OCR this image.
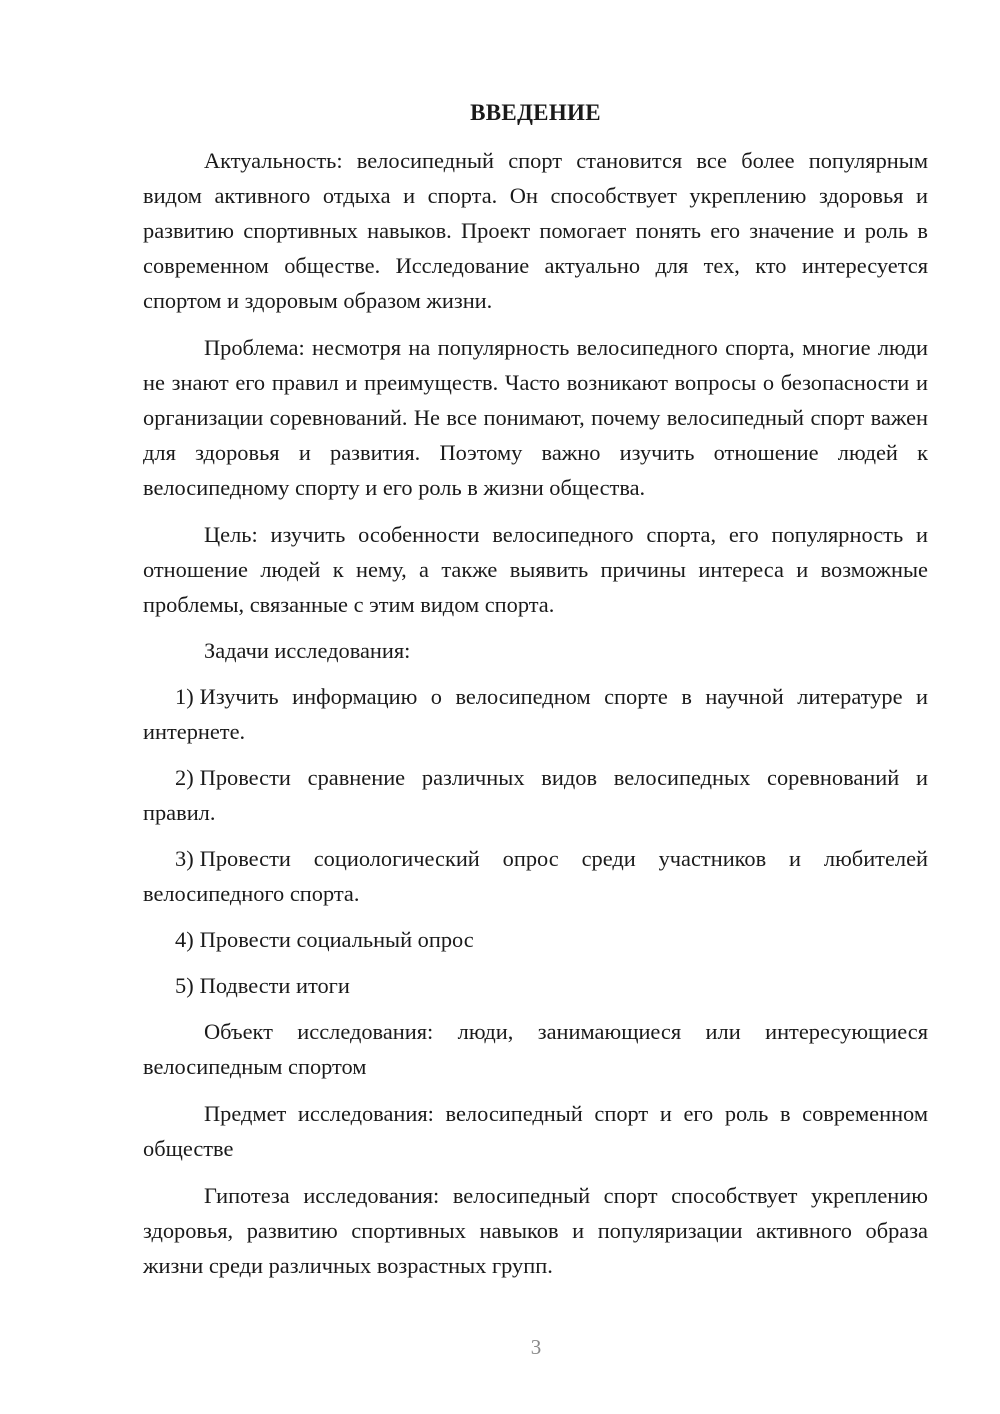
ВВЕДЕНИЕ

Актуальность: велосипедный спорт становится все более популярным видом активного отдыха и спорта. Он способствует укреплению здоровья и развитию спортивных навыков. Проект помогает понять его значение и роль в современном обществе. Исследование актуально для тех, кто интересуется спортом и здоровым образом жизни.

Проблема: несмотря на популярность велосипедного спорта, многие люди не знают его правил и преимуществ. Часто возникают вопросы о безопасности и организации соревнований. Не все понимают, почему велосипедный спорт важен для здоровья и развития. Поэтому важно изучить отношение людей к велосипедному спорту и его роль в жизни общества.

Цель: изучить особенности велосипедного спорта, его популярность и отношение людей к нему, а также выявить причины интереса и возможные проблемы, связанные с этим видом спорта.

Задачи исследования:

1) Изучить информацию о велосипедном спорте в научной литературе и интернете.

2) Провести сравнение различных видов велосипедных соревнований и правил.

3) Провести социологический опрос среди участников и любителей велосипедного спорта.

4) Провести социальный опрос

5) Подвести итоги

Объект исследования: люди, занимающиеся или интересующиеся велосипедным спортом

Предмет исследования: велосипедный спорт и его роль в современном обществе

Гипотеза исследования: велосипедный спорт способствует укреплению здоровья, развитию спортивных навыков и популяризации активного образа жизни среди различных возрастных групп.

3
